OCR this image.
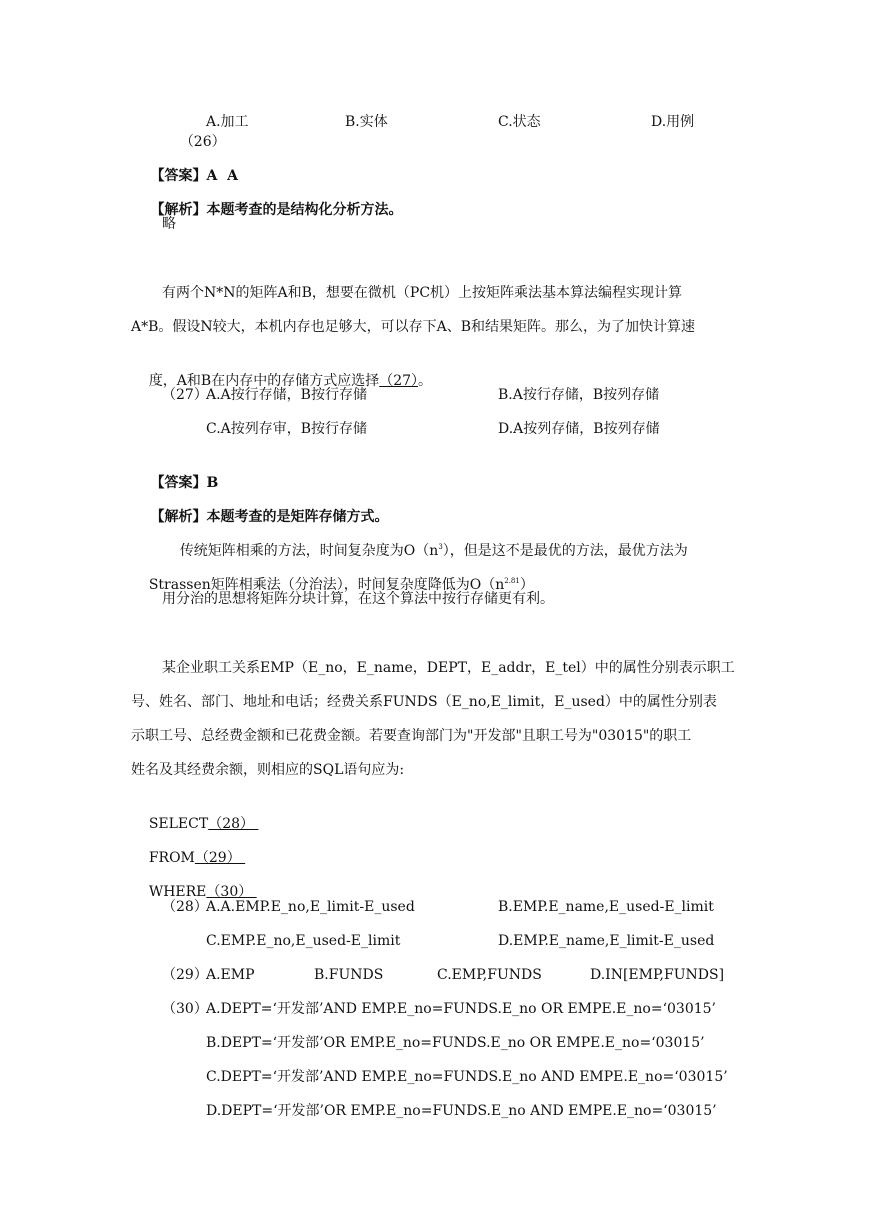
（26）

A.加工	B.实体	C.状态	D.用例

【答案】A  A

【解析】本题考查的是结构化分析方法。

略
有两个N*N的矩阵A和B，想要在微机（PC机）上按矩阵乘法基本算法编程实现计算
A*B。假设N较大，本机内存也足够大，可以存下A、B和结果矩阵。那么，为了加快计算速

度，A和B在内存中的存储方式应选择（27）。

（27）
A.A按行存储，B按行存储	B.A按行存储，B按列存储
C.A按列存审，B按行存储	D.A按列存储，B按列存储

【答案】B

【解析】本题考查的是矩阵存储方式。

传统矩阵相乘的方法，时间复杂度为$O(n^3)$，但是这不是最优的方法，最优方法为

Strassen矩阵相乘法（分治法），时间复杂度降低为$O(n^{2.81})$

用分治的思想将矩阵分块计算，在这个算法中按行存储更有利。
某企业职工关系EMP（E_no，E_name，DEPT，E_addr，E_tel）中的属性分别表示职工
号、姓名、部门、地址和电话；经费关系FUNDS（E_no,E_limit，E_used）中的属性分别表
示职工号、总经费金额和已花费金额。若要查询部门为"开发部"且职工号为"03015"的职工
姓名及其经费余额，则相应的SQL语句应为:

SELECT（28）

FROM（29）

WHERE（30）

（28）
A.A.EMP.E_no,E_limit-E_used	B.EMP.E_name,E_used-E_limit
C.EMP.E_no,E_used-E_limit	D.EMP.E_name,E_limit-E_used
（29）
A.EMP	B.FUNDS	C.EMP,FUNDS	D.IN[EMP,FUNDS]
（30）
A.DEPT=‘开发部’AND EMP.E_no=FUNDS.E_no OR EMPE.E_no=‘03015’
B.DEPT=‘开发部’OR EMP.E_no=FUNDS.E_no OR EMPE.E_no=‘03015’
C.DEPT=‘开发部’AND EMP.E_no=FUNDS.E_no AND EMPE.E_no=‘03015’
D.DEPT=‘开发部’OR EMP.E_no=FUNDS.E_no AND EMPE.E_no=‘03015’
